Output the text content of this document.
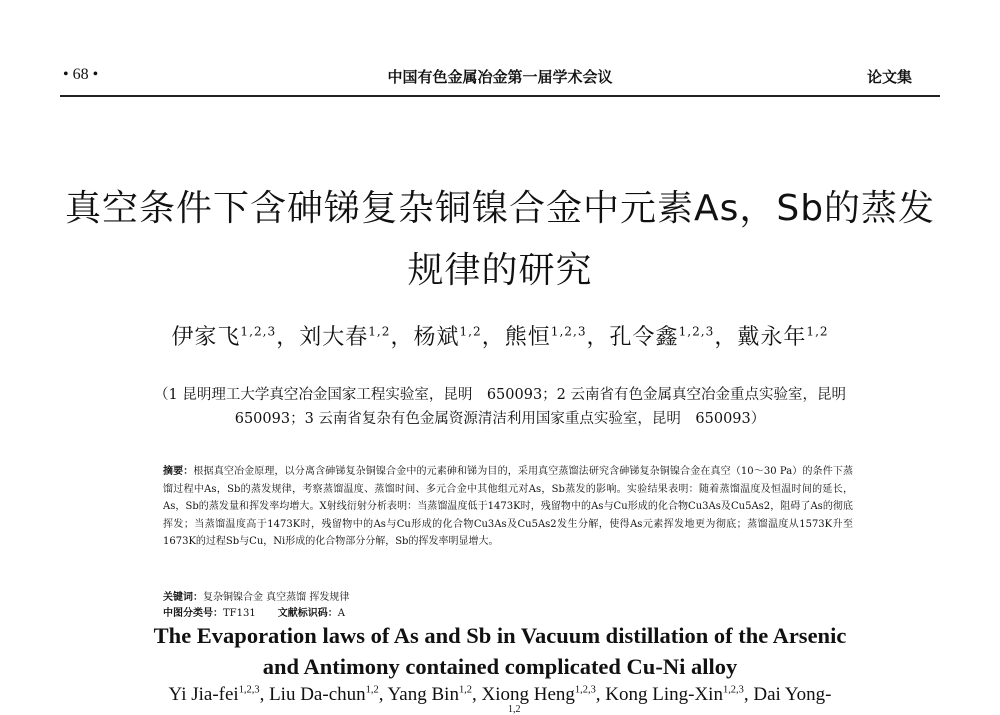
• 68 •	中国有色金属冶金第一届学术会议	论文集
真空条件下含砷锑复杂铜镍合金中元素As，Sb的蒸发
规律的研究
伊家飞$^{1,2,3}$，刘大春$^{1,2}$，杨斌$^{1,2}$，熊恒$^{1,2,3}$，孔令鑫$^{1,2,3}$，戴永年$^{1,2}$
（1 昆明理工大学真空冶金国家工程实验室，昆明　650093；2 云南省有色金属真空冶金重点实验室，昆明
650093；3 云南省复杂有色金属资源清洁利用国家重点实验室，昆明　650093）
摘要：根据真空冶金原理，以分离含砷锑复杂铜镍合金中的元素砷和锑为目的，采用真空蒸馏法研究含砷锑复杂铜镍合金在真空（10～30 Pa）的条件下蒸馏过程中As，Sb的蒸发规律，考察蒸馏温度、蒸馏时间、多元合金中其他组元对As，Sb蒸发的影响。实验结果表明：随着蒸馏温度及恒温时间的延长，As，Sb的蒸发量和挥发率均增大。X射线衍射分析表明：当蒸馏温度低于1473K时，残留物中的As与Cu形成的化合物Cu3As及Cu5As2，阻碍了As的彻底挥发；当蒸馏温度高于1473K时，残留物中的As与Cu形成的化合物Cu3As及Cu5As2发生分解，使得As元素挥发地更为彻底；蒸馏温度从1573K升至1673K的过程Sb与Cu，Ni形成的化合物部分分解，Sb的挥发率明显增大。
关键词：复杂铜镍合金 真空蒸馏 挥发规律
中图分类号：TF131 文献标识码：A
The Evaporation laws of As and Sb in Vacuum distillation of the Arsenic
and Antimony contained complicated Cu-Ni alloy
Yi Jia-fei$^{1,2,3}$, Liu Da-chun$^{1,2}$, Yang Bin$^{1,2}$, Xiong Heng$^{1,2,3}$, Kong Ling-Xin$^{1,2,3}$, Dai Yong-
1,2
